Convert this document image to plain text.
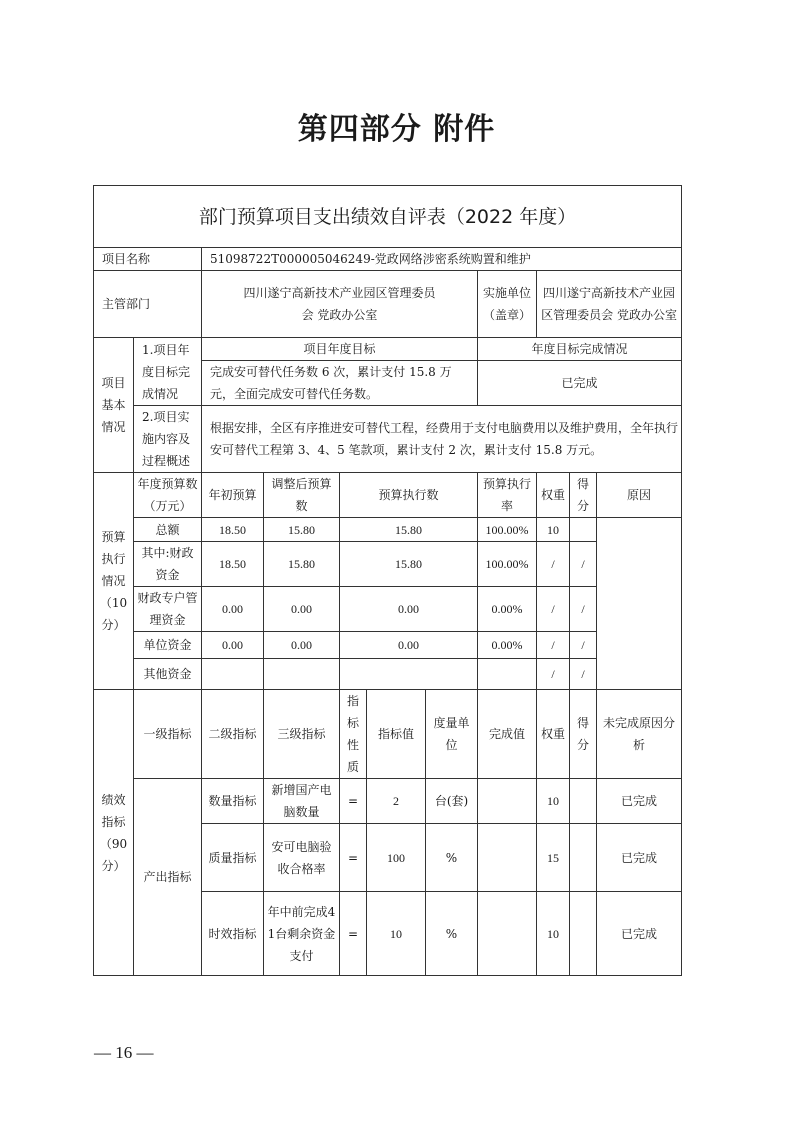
第四部分 附件
部门预算项目支出绩效自评表（2022 年度）										
项目名称		51098722T000005046249-党政网络涉密系统购置和维护								
主管部门		四川遂宁高新技术产业园区管理委员会 党政办公室					实施单位（盖章）	四川遂宁高新技术产业园区管理委员会 党政办公室		
项目基本情况	1.项目年度目标完成情况	项目年度目标					年度目标完成情况			
		完成安可替代任务数 6 次，累计支付 15.8 万元，全面完成安可替代任务数。					已完成			
	2.项目实施内容及过程概述	根据安排，全区有序推进安可替代工程，经费用于支付电脑费用以及维护费用，全年执行安可替代工程第 3、4、5 笔款项，累计支付 2 次，累计支付 15.8 万元。								
预算执行情况（10分）	年度预算数（万元）	年初预算	调整后预算数	预算执行数			预算执行率	权重	得分	原因
	总额	18.50	15.80	15.80			100.00%	10		
	其中:财政资金	18.50	15.80	15.80			100.00%	/	/	
	财政专户管理资金	0.00	0.00	0.00			0.00%	/	/	
	单位资金	0.00	0.00	0.00			0.00%	/	/	
	其他资金							/	/	
绩效指标（90分）	一级指标	二级指标	三级指标	指标性质	指标值	度量单位	完成值	权重	得分	未完成原因分析
	产出指标	数量指标	新增国产电脑数量	=	2	台(套)		10		已完成
		质量指标	安可电脑验收合格率	=	100	%		15		已完成
		时效指标	年中前完成41台剩余资金支付	=	10	%		10		已完成
— 16 —
